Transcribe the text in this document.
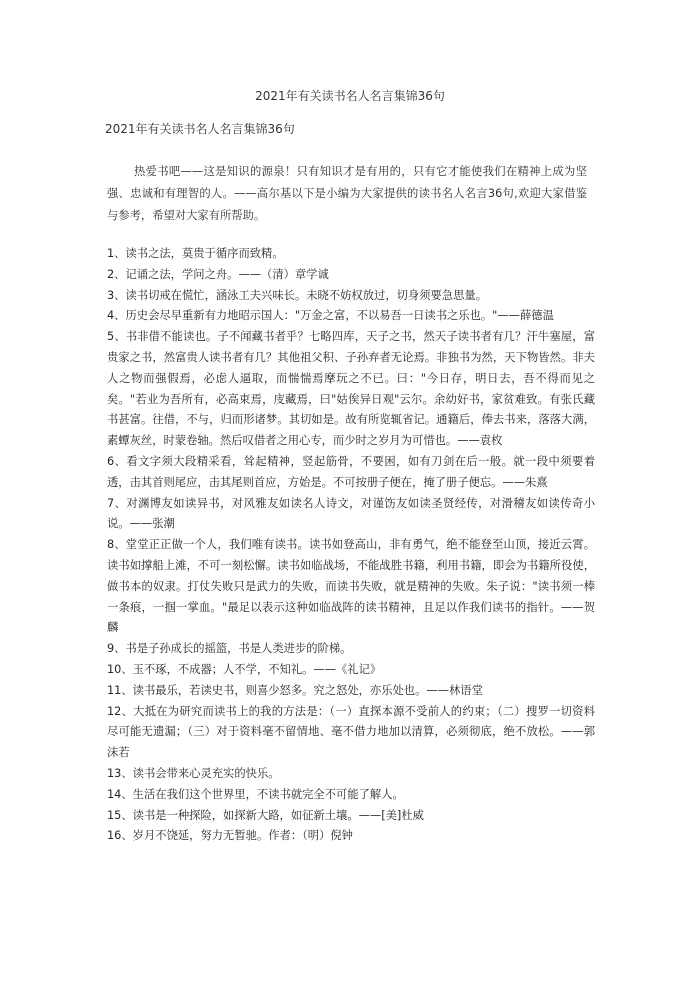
2021年有关读书名人名言集锦36句
2021年有关读书名人名言集锦36句

热爱书吧——这是知识的源泉！只有知识才是有用的，只有它才能使我们在精神上成为坚强、忠诚和有理智的人。——高尔基以下是小编为大家提供的读书名人名言36句,欢迎大家借鉴与参考，希望对大家有所帮助。

1、读书之法，莫贵于循序而致精。
2、记诵之法，学问之舟。——（清）章学诚
3、读书切戒在慌忙，涵泳工夫兴味长。未晓不妨权放过，切身须要急思量。
4、历史会尽早重新有力地昭示国人："万金之富，不以易吾一日读书之乐也。"——薛德温
5、书非借不能读也。子不闻藏书者乎？七略四库，天子之书，然天子读书者有几？汗牛塞屋，富贵家之书，然富贵人读书者有几？其他祖父积、子孙弃者无论焉。非独书为然，天下物皆然。非夫人之物而强假焉，必虑人逼取，而惴惴焉摩玩之不已。曰："今日存，明日去，吾不得而见之矣。"若业为吾所有，必高束焉，庋藏焉，曰"姑俟异日观"云尔。余幼好书，家贫难致。有张氏藏书甚富。往借，不与，归而形诸梦。其切如是。故有所览辄省记。通籍后，俸去书来，落落大满，素蟫灰丝，时蒙卷轴。然后叹借者之用心专，而少时之岁月为可惜也。——袁枚
6、看文字须大段精采看，耸起精神，竖起筋骨，不要困，如有刀剑在后一般。就一段中须要着透，击其首则尾应，击其尾则首应，方始是。不可按册子便在，掩了册子便忘。——朱熹
7、对渊博友如读异书，对风雅友如读名人诗文，对谨饬友如读圣贤经传，对滑稽友如读传奇小说。——张潮
8、堂堂正正做一个人，我们唯有读书。读书如登高山，非有勇气，绝不能登至山顶，接近云霄。读书如撑船上滩，不可一刻松懈。读书如临战场，不能战胜书籍，利用书籍，即会为书籍所役使，做书本的奴隶。打仗失败只是武力的失败，而读书失败，就是精神的失败。朱子说："读书须一棒一条痕，一掴一掌血。"最足以表示这种如临战阵的读书精神，且足以作我们读书的指针。——贺麟
9、书是子孙成长的摇篮，书是人类进步的阶梯。
10、玉不琢，不成器；人不学，不知礼。——《礼记》
11、读书最乐，若读史书，则喜少怒多。究之怒处，亦乐处也。——林语堂
12、大抵在为研究而读书上的我的方法是：（一）直探本源不受前人的约束；（二）搜罗一切资料尽可能无遗漏；（三）对于资料毫不留情地、毫不借力地加以清算，必须彻底，绝不放松。——郭沫若
13、读书会带来心灵充实的快乐。
14、生活在我们这个世界里，不读书就完全不可能了解人。
15、读书是一种探险，如探新大路，如征新土壤。——[美]杜威
16、岁月不饶延，努力无暂驰。作者：（明）倪钟
